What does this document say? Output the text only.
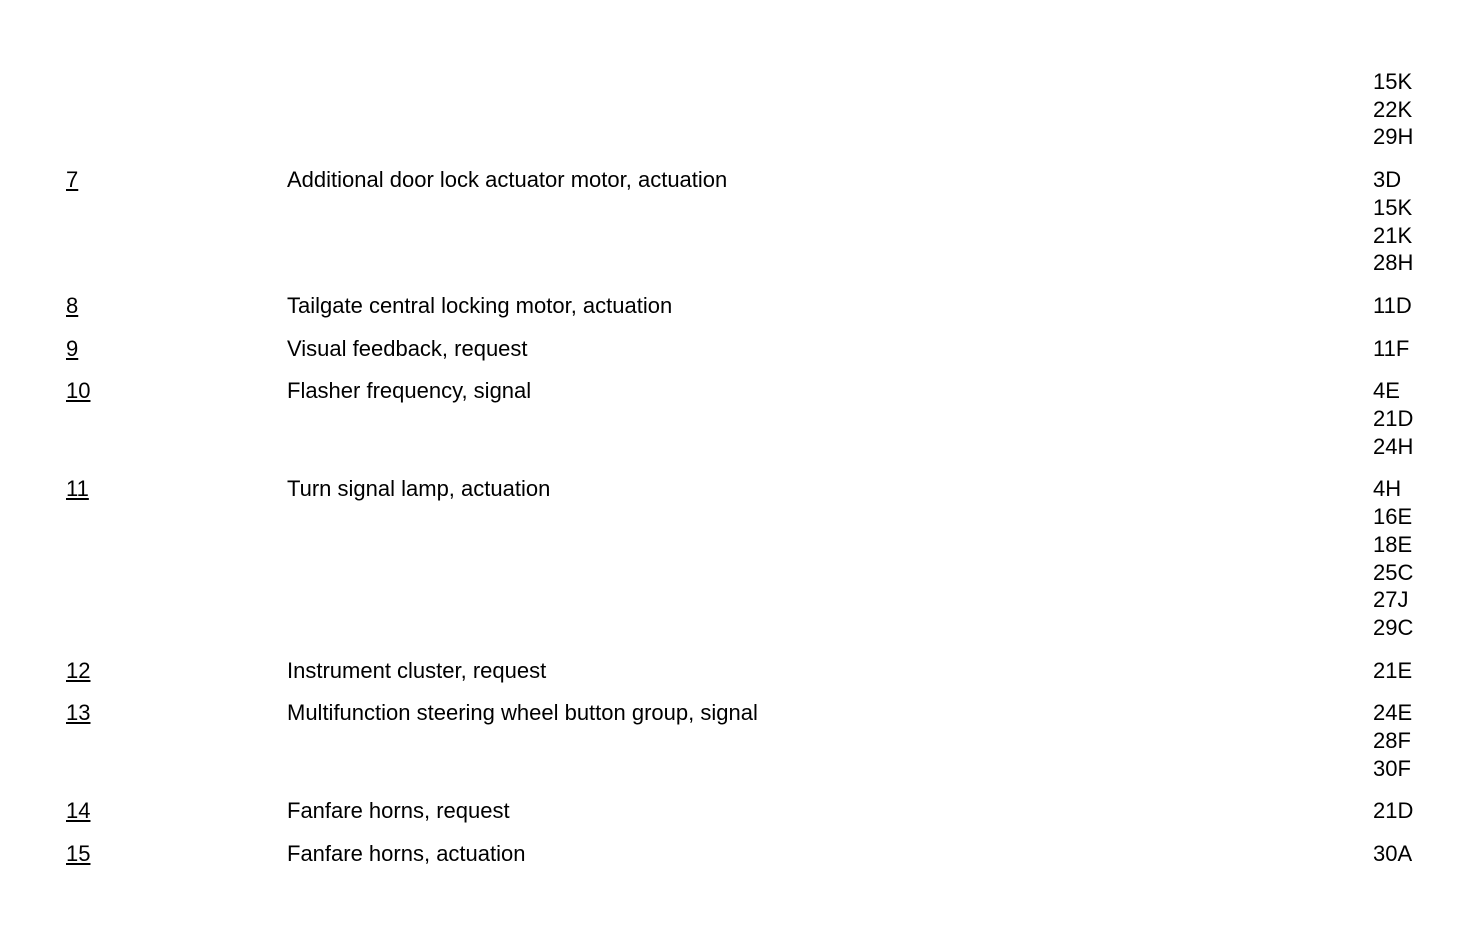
15K
22K
29H
7	Additional door lock actuator motor, actuation	3D
15K
21K
28H
8	Tailgate central locking motor, actuation	11D
9	Visual feedback, request	11F
10	Flasher frequency, signal	4E
21D
24H
11	Turn signal lamp, actuation	4H
16E
18E
25C
27J
29C
12	Instrument cluster, request	21E
13	Multifunction steering wheel button group, signal	24E
28F
30F
14	Fanfare horns, request	21D
15	Fanfare horns, actuation	30A
